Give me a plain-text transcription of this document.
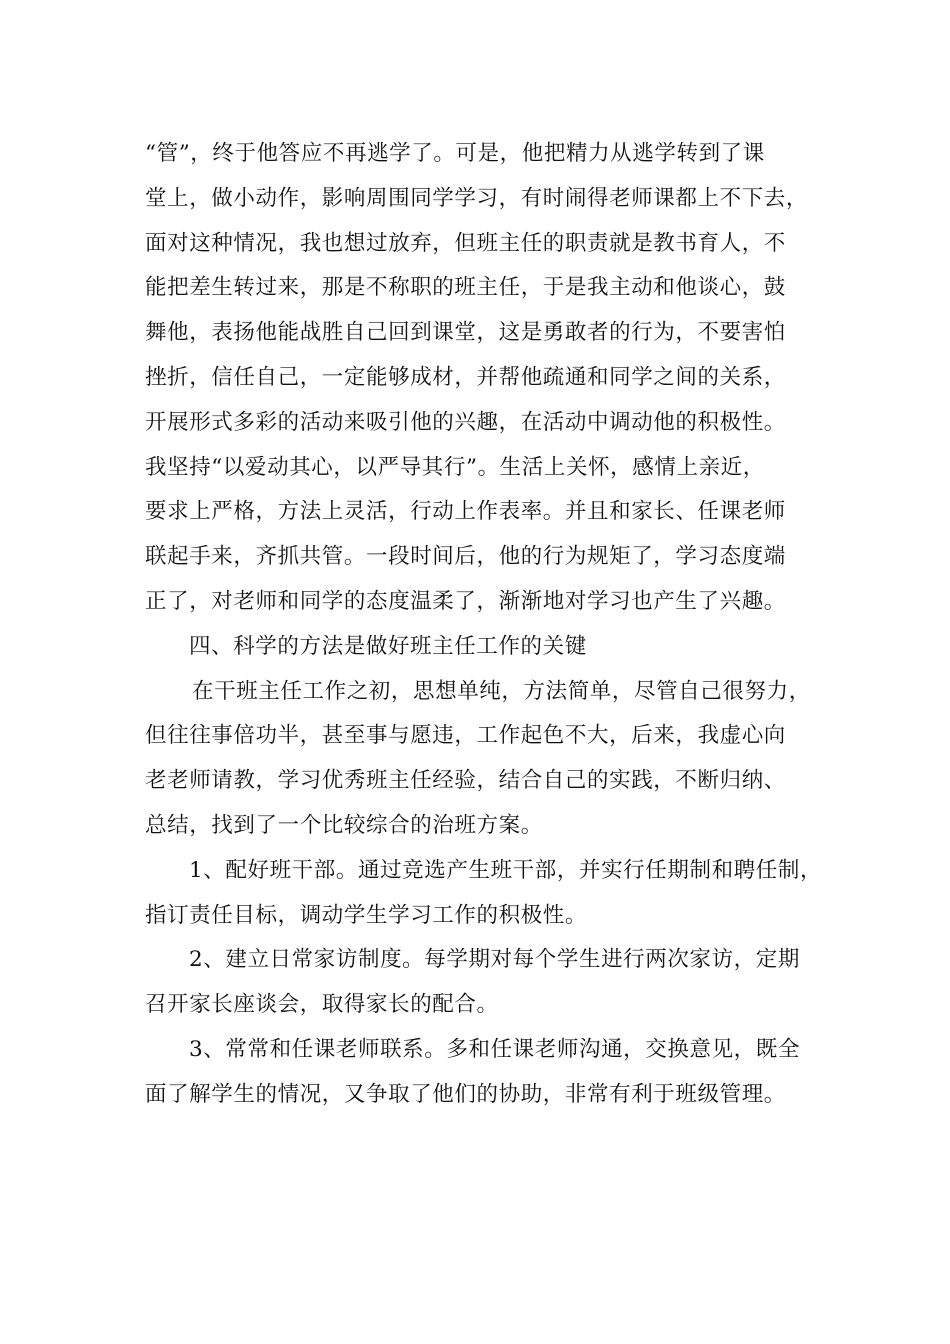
“管”，终于他答应不再逃学了。可是，他把精力从逃学转到了课
堂上，做小动作，影响周围同学学习，有时闹得老师课都上不下去，
面对这种情况，我也想过放弃，但班主任的职责就是教书育人，不
能把差生转过来，那是不称职的班主任，于是我主动和他谈心，鼓
舞他，表扬他能战胜自己回到课堂，这是勇敢者的行为，不要害怕
挫折，信任自己，一定能够成材，并帮他疏通和同学之间的关系，
开展形式多彩的活动来吸引他的兴趣，在活动中调动他的积极性。
我坚持“以爱动其心，以严导其行”。生活上关怀，感情上亲近，
要求上严格，方法上灵活，行动上作表率。并且和家长、任课老师
联起手来，齐抓共管。一段时间后，他的行为规矩了，学习态度端
正了，对老师和同学的态度温柔了，渐渐地对学习也产生了兴趣。
四、科学的方法是做好班主任工作的关键
在干班主任工作之初，思想单纯，方法简单，尽管自己很努力，
但往往事倍功半，甚至事与愿违，工作起色不大，后来，我虚心向
老老师请教，学习优秀班主任经验，结合自己的实践，不断归纳、
总结，找到了一个比较综合的治班方案。
1、配好班干部。通过竞选产生班干部，并实行任期制和聘任制，
指订责任目标，调动学生学习工作的积极性。
2、建立日常家访制度。每学期对每个学生进行两次家访，定期
召开家长座谈会，取得家长的配合。
3、常常和任课老师联系。多和任课老师沟通，交换意见，既全
面了解学生的情况，又争取了他们的协助，非常有利于班级管理。
